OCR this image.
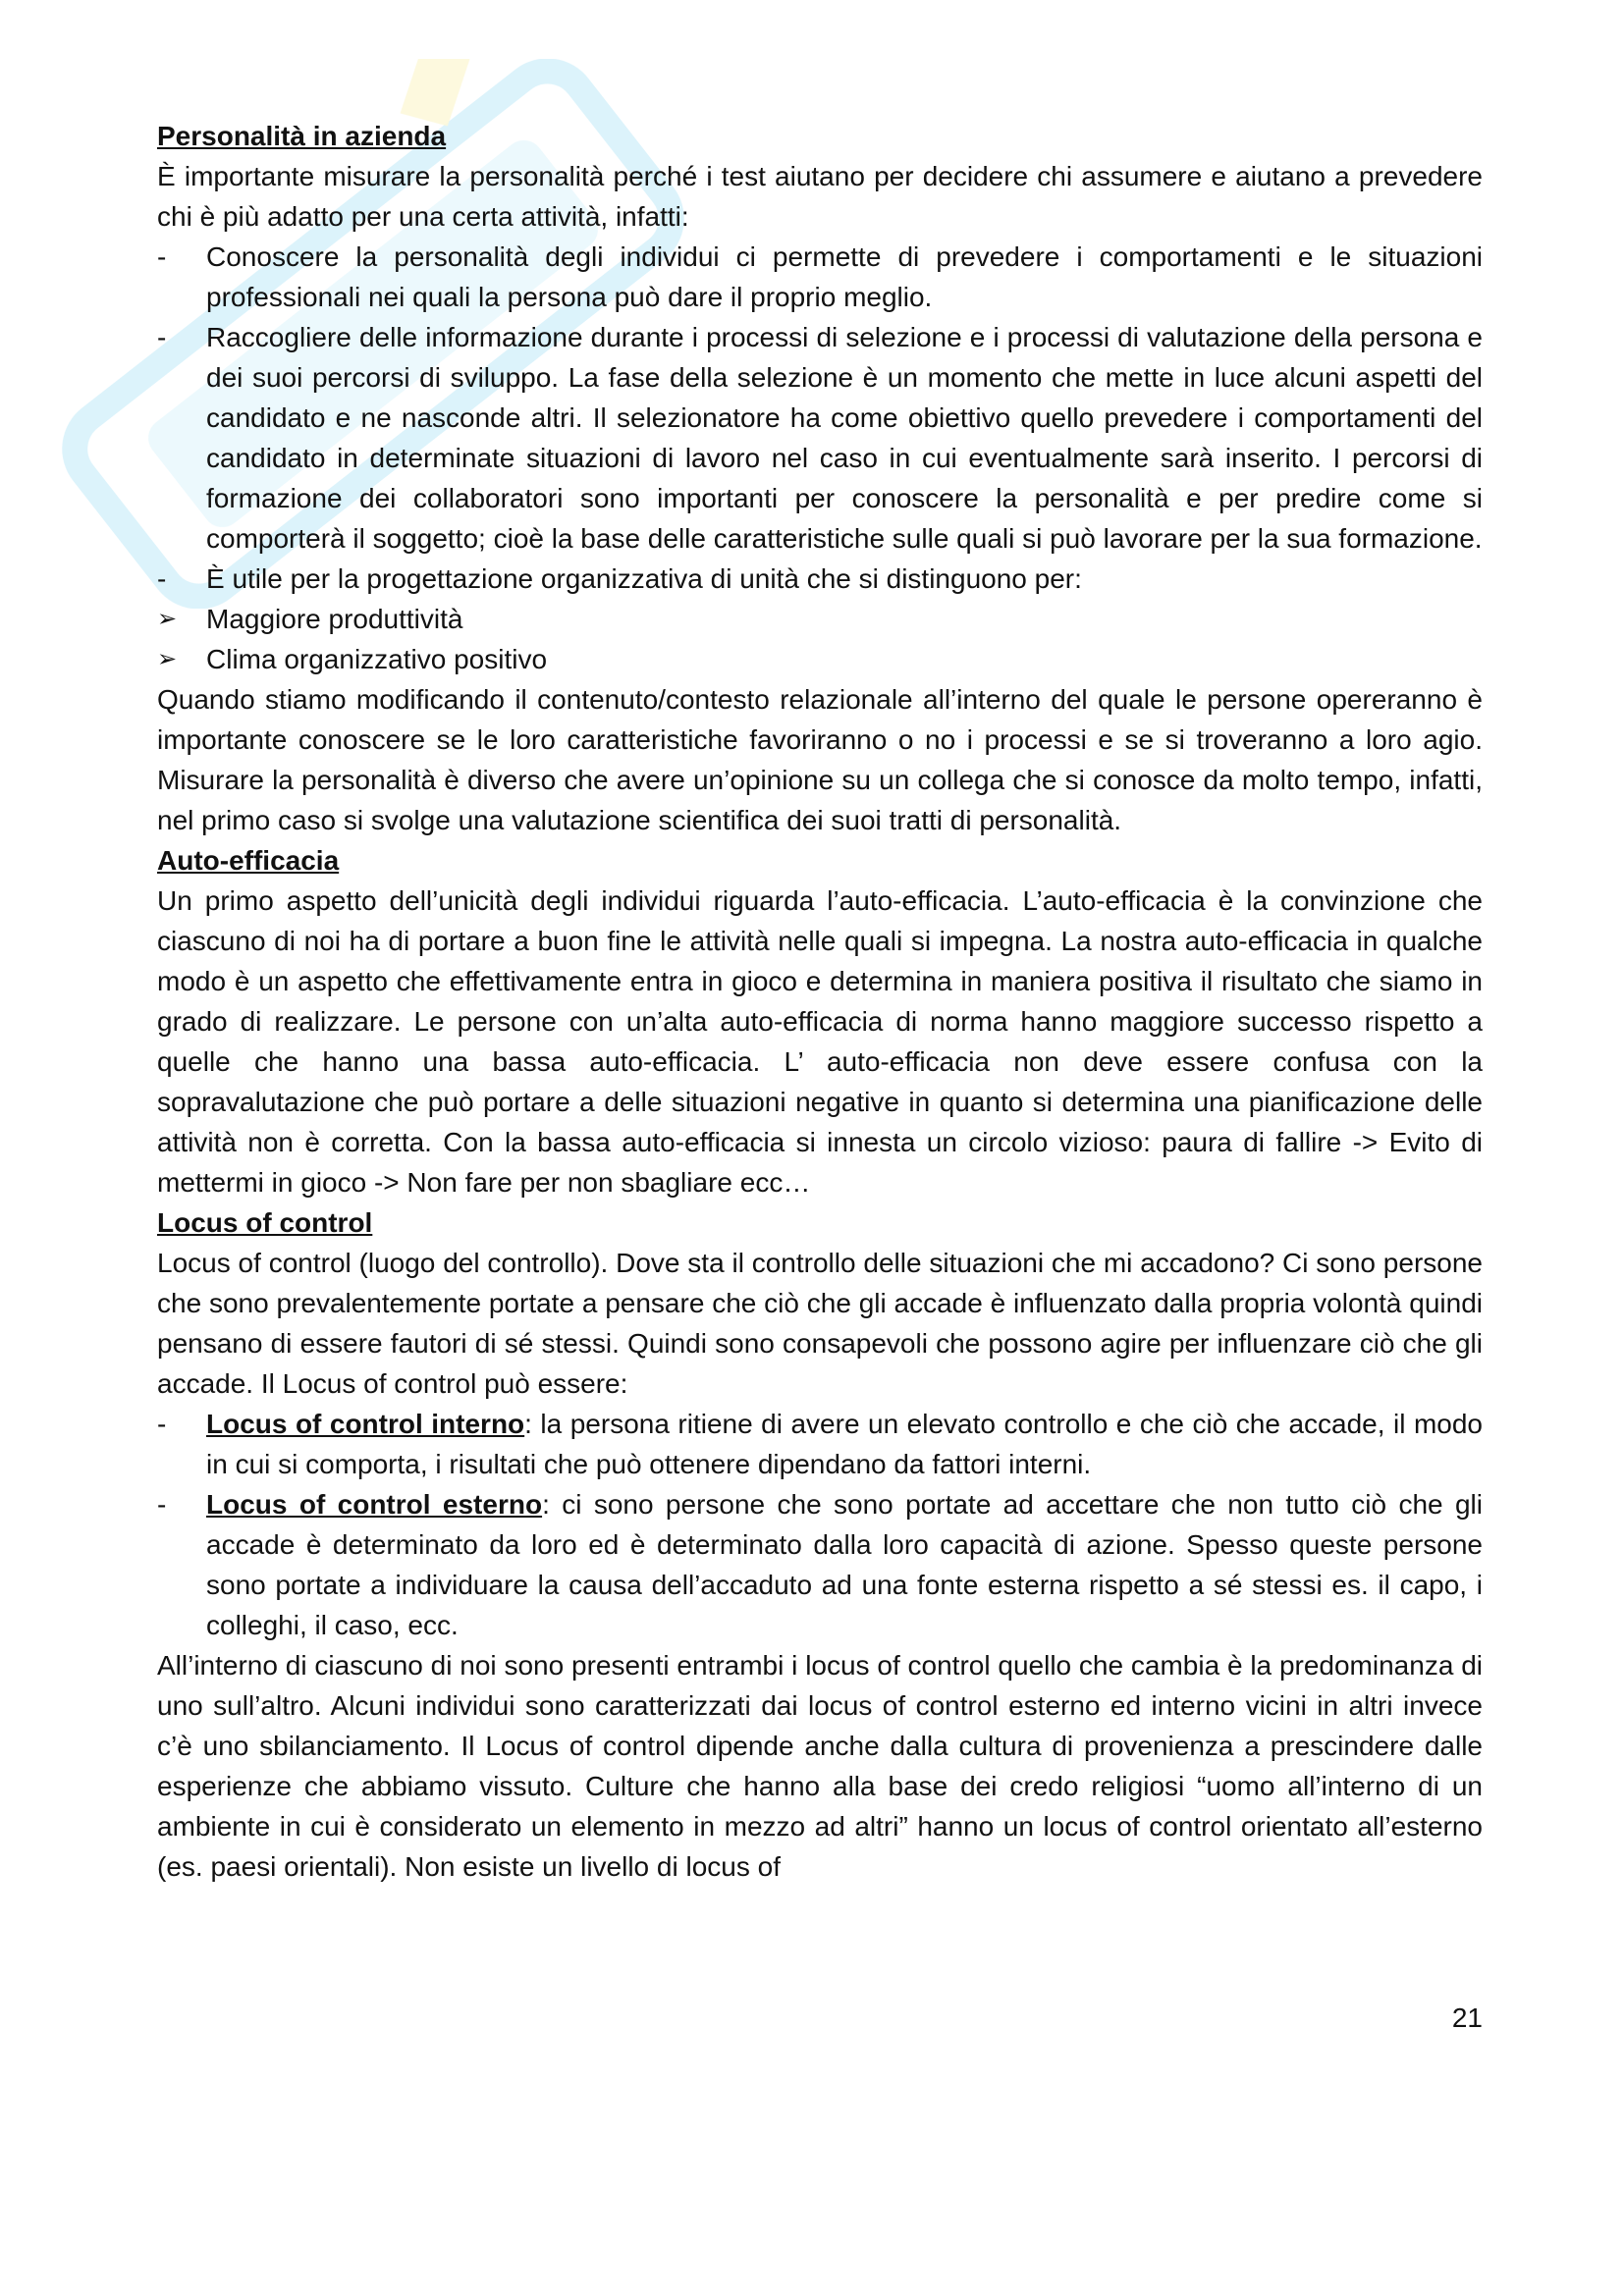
Personalità in azienda

È importante misurare la personalità perché i test aiutano per decidere chi assumere e aiutano a prevedere chi è più adatto per una certa attività, infatti:

-	Conoscere la personalità degli individui ci permette di prevedere i comportamenti e le situazioni professionali nei quali la persona può dare il proprio meglio.
-	Raccogliere delle informazione durante i processi di selezione e i processi di valutazione della persona e dei suoi percorsi di sviluppo. La fase della selezione è un momento che mette in luce alcuni aspetti del candidato e ne nasconde altri. Il selezionatore ha come obiettivo quello prevedere i comportamenti del candidato in determinate situazioni di lavoro nel caso in cui eventualmente sarà inserito. I percorsi di formazione dei collaboratori sono importanti per conoscere la personalità e per predire come si comporterà il soggetto; cioè la base delle caratteristiche sulle quali si può lavorare per la sua formazione.
-	È utile per la progettazione organizzativa di unità che si distinguono per:
➢	Maggiore produttività
➢	Clima organizzativo positivo

Quando stiamo modificando il contenuto/contesto relazionale all’interno del quale le persone opereranno è importante conoscere se le loro caratteristiche favoriranno o no i processi e se si troveranno a loro agio. Misurare la personalità è diverso che avere un’opinione su un collega che si conosce da molto tempo, infatti, nel primo caso si svolge una valutazione scientifica dei suoi tratti di personalità.

Auto-efficacia

Un primo aspetto dell’unicità degli individui riguarda l’auto-efficacia. L’auto-efficacia è la convinzione che ciascuno di noi ha di portare a buon fine le attività nelle quali si impegna. La nostra auto-efficacia in qualche modo è un aspetto che effettivamente entra in gioco e determina in maniera positiva il risultato che siamo in grado di realizzare. Le persone con un’alta auto-efficacia di norma hanno maggiore successo rispetto a quelle che hanno una bassa auto-efficacia. L’ auto-efficacia non deve essere confusa con la sopravalutazione che può portare a delle situazioni negative in quanto si determina una pianificazione delle attività non è corretta. Con la bassa auto-efficacia si innesta un circolo vizioso: paura di fallire -> Evito di mettermi in gioco -> Non fare per non sbagliare ecc…

Locus of control

Locus of control (luogo del controllo). Dove sta il controllo delle situazioni che mi accadono? Ci sono persone che sono prevalentemente portate a pensare che ciò che gli accade è influenzato dalla propria volontà quindi pensano di essere fautori di sé stessi. Quindi sono consapevoli che possono agire per influenzare ciò che gli accade. Il Locus of control può essere:

-	Locus of control interno: la persona ritiene di avere un elevato controllo e che ciò che accade, il modo in cui si comporta, i risultati che può ottenere dipendano da fattori interni.
-	Locus of control esterno: ci sono persone che sono portate ad accettare che non tutto ciò che gli accade è determinato da loro ed è determinato dalla loro capacità di azione. Spesso queste persone sono portate a individuare la causa dell’accaduto ad una fonte esterna rispetto a sé stessi es. il capo, i colleghi, il caso, ecc.

All’interno di ciascuno di noi sono presenti entrambi i locus of control quello che cambia è la predominanza di uno sull’altro. Alcuni individui sono caratterizzati dai locus of control esterno ed interno vicini in altri invece c’è uno sbilanciamento. Il Locus of control dipende anche dalla cultura di provenienza a prescindere dalle esperienze che abbiamo vissuto. Culture che hanno alla base dei credo religiosi “uomo all’interno di un ambiente in cui è considerato un elemento in mezzo ad altri” hanno un locus of control orientato all’esterno (es. paesi orientali). Non esiste un livello di locus of

21
